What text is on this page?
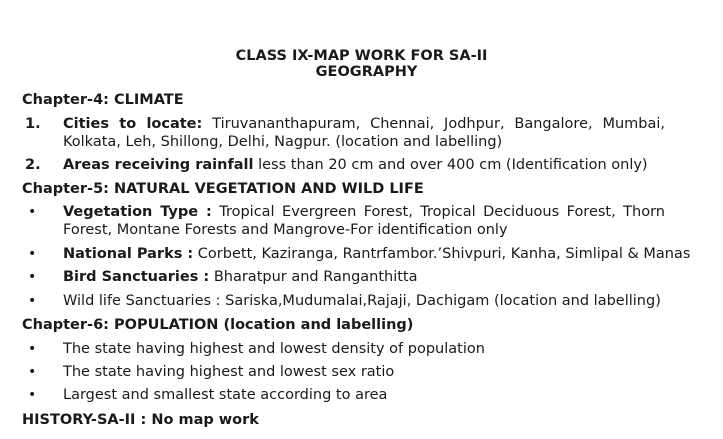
CLASS IX-MAP WORK FOR SA-II
GEOGRAPHY
Chapter-4: CLIMATE
1. Cities to locate: Tiruvananthapuram, Chennai, Jodhpur, Bangalore, Mumbai, Kolkata, Leh, Shillong, Delhi, Nagpur. (location and labelling)
2. Areas receiving rainfall less than 20 cm and over 400 cm (Identification only)
Chapter-5: NATURAL VEGETATION AND WILD LIFE
• Vegetation Type : Tropical Evergreen Forest, Tropical Deciduous Forest, Thorn Forest, Montane Forests and Mangrove-For identification only
• National Parks : Corbett, Kaziranga, Rantrfambor.’Shivpuri, Kanha, Simlipal & Manas
• Bird Sanctuaries : Bharatpur and Ranganthitta
• Wild life Sanctuaries : Sariska,Mudumalai,Rajaji, Dachigam (location and labelling)
Chapter-6: POPULATION (location and labelling)
• The state having highest and lowest density of population
• The state having highest and lowest sex ratio
• Largest and smallest state according to area
HISTORY-SA-II : No map work
